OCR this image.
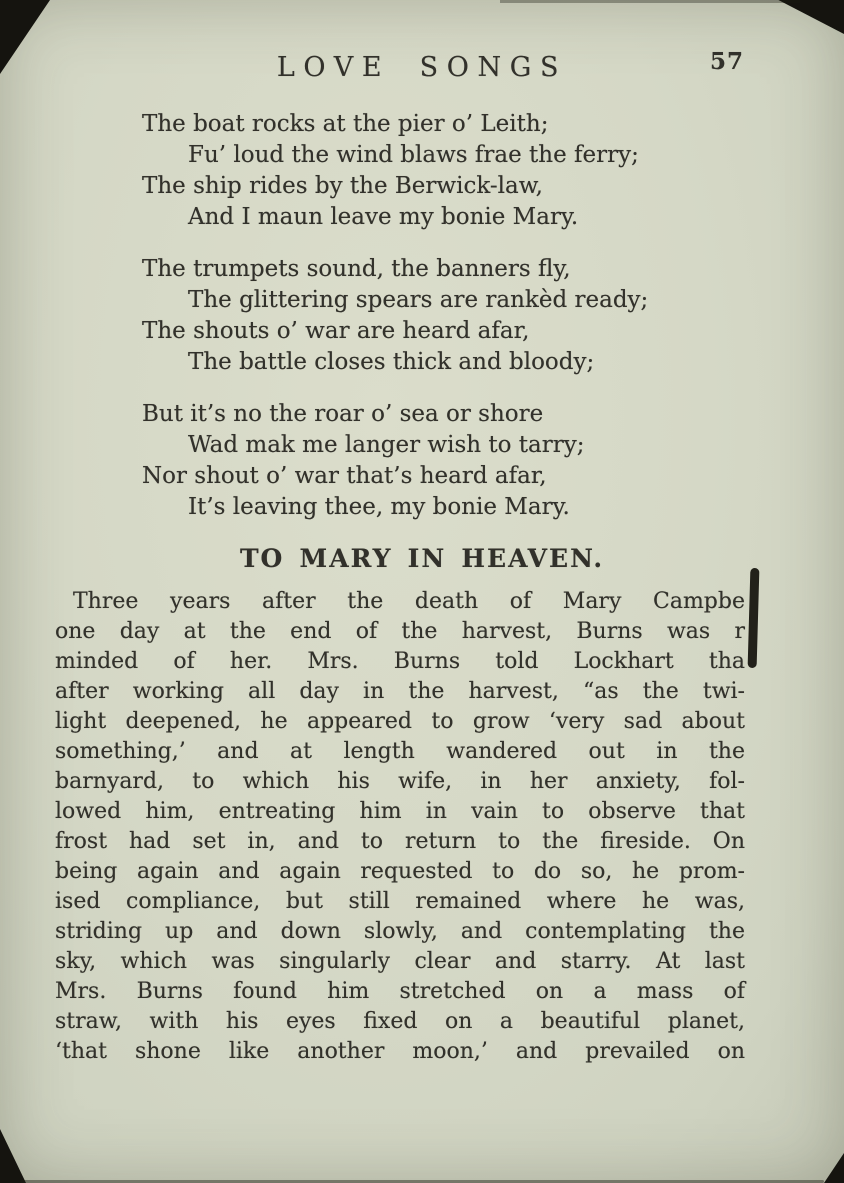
LOVE SONGS	57
The boat rocks at the pier o’ Leith;
Fu’ loud the wind blaws frae the ferry;
The ship rides by the Berwick-law,
And I maun leave my bonie Mary.
The trumpets sound, the banners fly,
The glittering spears are rankèd ready;
The shouts o’ war are heard afar,
The battle closes thick and bloody;
But it’s no the roar o’ sea or shore
Wad mak me langer wish to tarry;
Nor shout o’ war that’s heard afar,
It’s leaving thee, my bonie Mary.
TO MARY IN HEAVEN.
Three years after the death of Mary Campbe
one day at the end of the harvest, Burns was r
minded of her. Mrs. Burns told Lockhart tha
after working all day in the harvest, “as the twi-
light deepened, he appeared to grow ‘very sad about
something,’ and at length wandered out in the
barnyard, to which his wife, in her anxiety, fol-
lowed him, entreating him in vain to observe that
frost had set in, and to return to the fireside. On
being again and again requested to do so, he prom-
ised compliance, but still remained where he was,
striding up and down slowly, and contemplating the
sky, which was singularly clear and starry. At last
Mrs. Burns found him stretched on a mass of
straw, with his eyes fixed on a beautiful planet,
‘that shone like another moon,’ and prevailed on
